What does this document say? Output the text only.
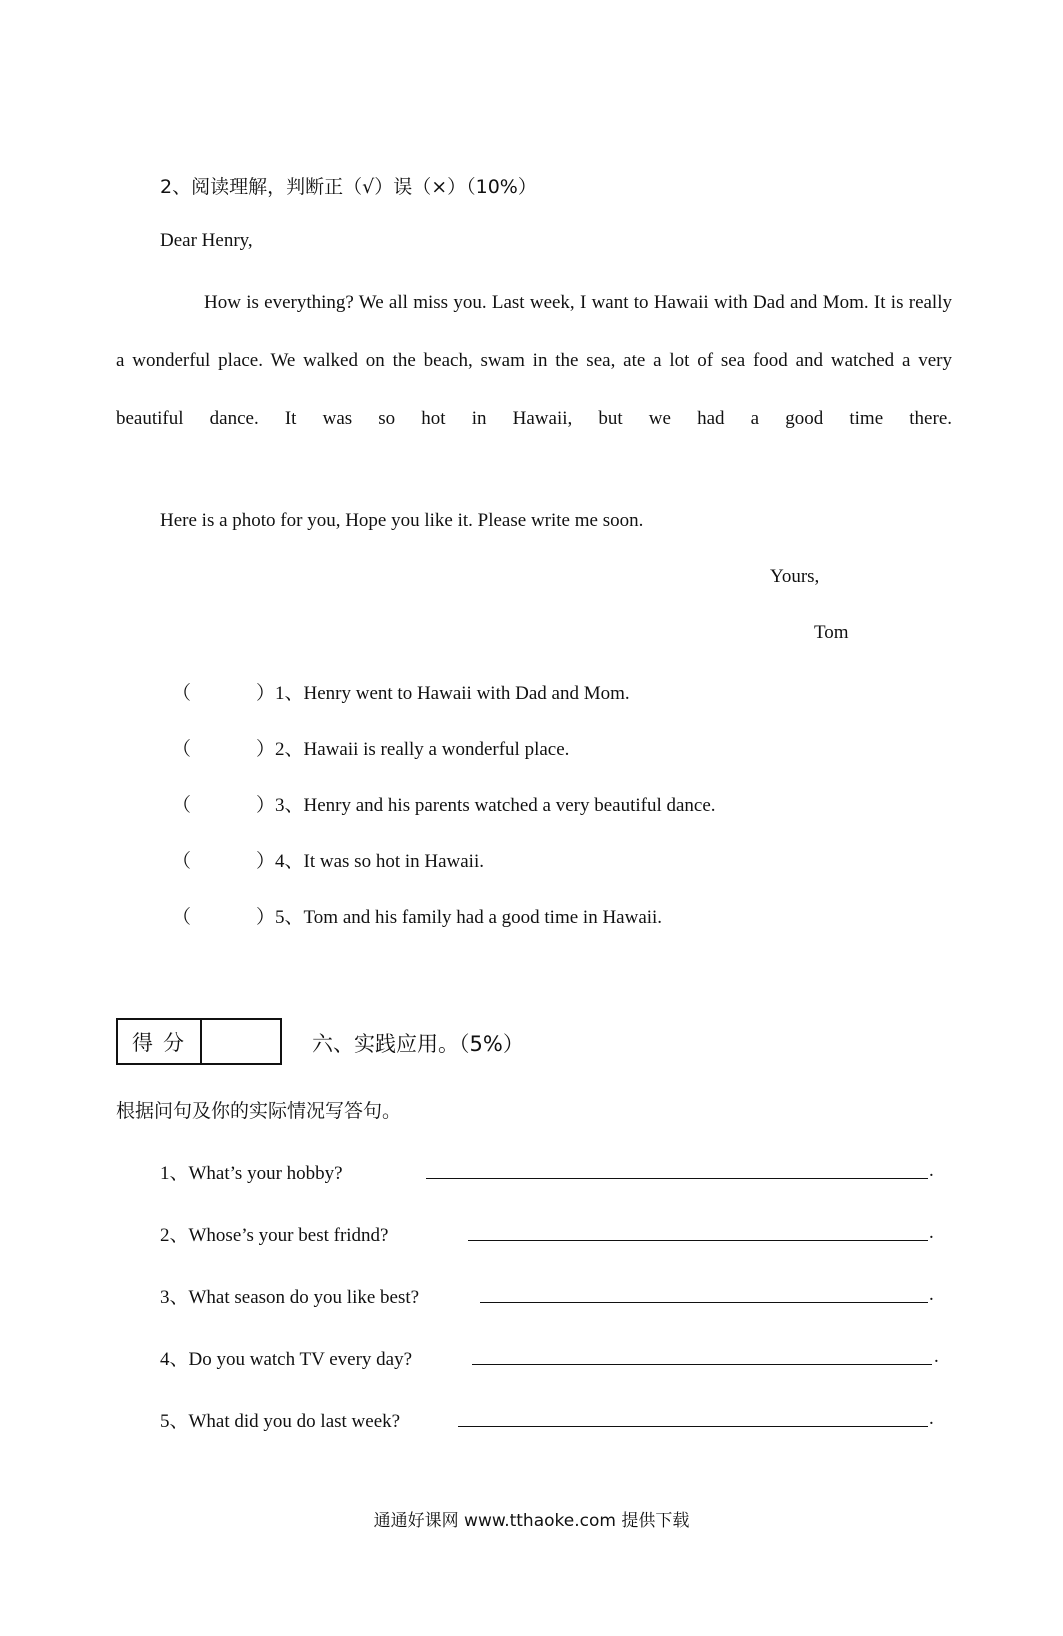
2、阅读理解，判断正（√）误（×）（10%）
Dear Henry,
How is everything? We all miss you. Last week, I want to Hawaii with Dad and Mom. It is really a wonderful place. We walked on the beach, swam in the sea, ate a lot of sea food and watched a very beautiful dance. It was so hot in Hawaii, but we had a good time there.
Here is a photo for you, Hope you like it. Please write me soon.
Yours,
Tom
（	）1、Henry went to Hawaii with Dad and Mom.
（	）2、Hawaii is really a wonderful place.
（	）3、Henry and his parents watched a very beautiful dance.
（	）4、It was so hot in Hawaii.
（	）5、Tom and his family had a good time in Hawaii.
得分	六、实践应用。（5%）
根据问句及你的实际情况写答句。
1、What’s your hobby?	.
2、Whose’s your best fridnd?	.
3、What season do you like best?	.
4、Do you watch TV every day?	.
5、What did you do last week?	.
通通好课网 www.tthaoke.com 提供下载
